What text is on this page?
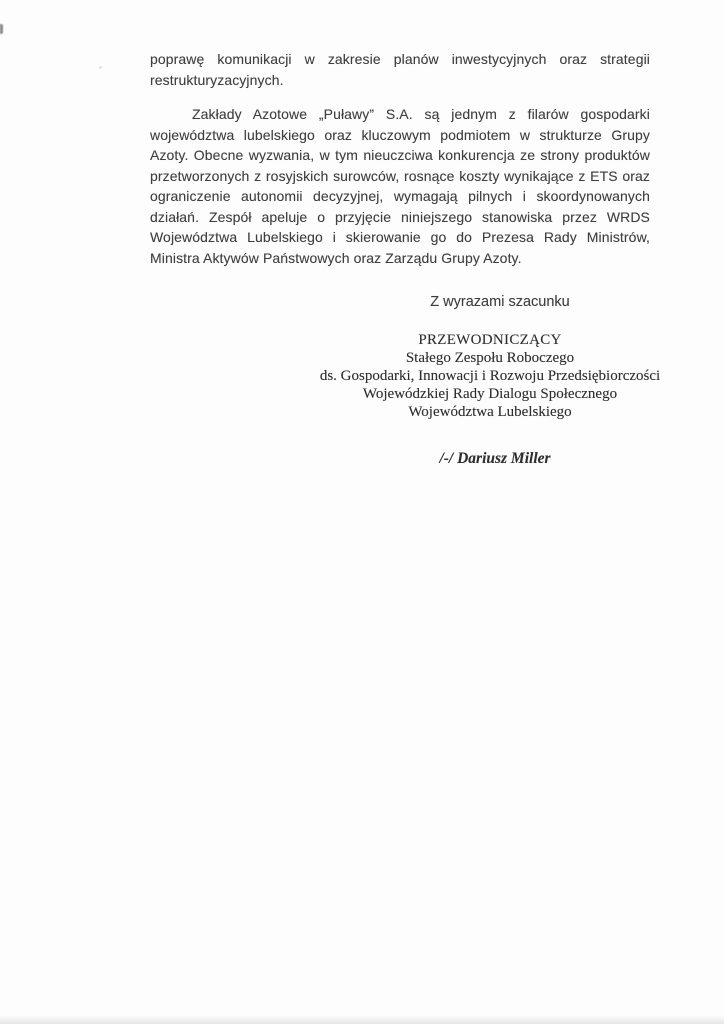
poprawę komunikacji w zakresie planów inwestycyjnych oraz strategii restrukturyzacyjnych.

Zakłady Azotowe „Puławy” S.A. są jednym z filarów gospodarki województwa lubelskiego oraz kluczowym podmiotem w strukturze Grupy Azoty. Obecne wyzwania, w tym nieuczciwa konkurencja ze strony produktów przetworzonych z rosyjskich surowców, rosnące koszty wynikające z ETS oraz ograniczenie autonomii decyzyjnej, wymagają pilnych i skoordynowanych działań. Zespół apeluje o przyjęcie niniejszego stanowiska przez WRDS Województwa Lubelskiego i skierowanie go do Prezesa Rady Ministrów, Ministra Aktywów Państwowych oraz Zarządu Grupy Azoty.

Z wyrazami szacunku

PRZEWODNICZĄCY
Stałego Zespołu Roboczego
ds. Gospodarki, Innowacji i Rozwoju Przedsiębiorczości
Wojewódzkiej Rady Dialogu Społecznego
Województwa Lubelskiego

/-/ Dariusz Miller
